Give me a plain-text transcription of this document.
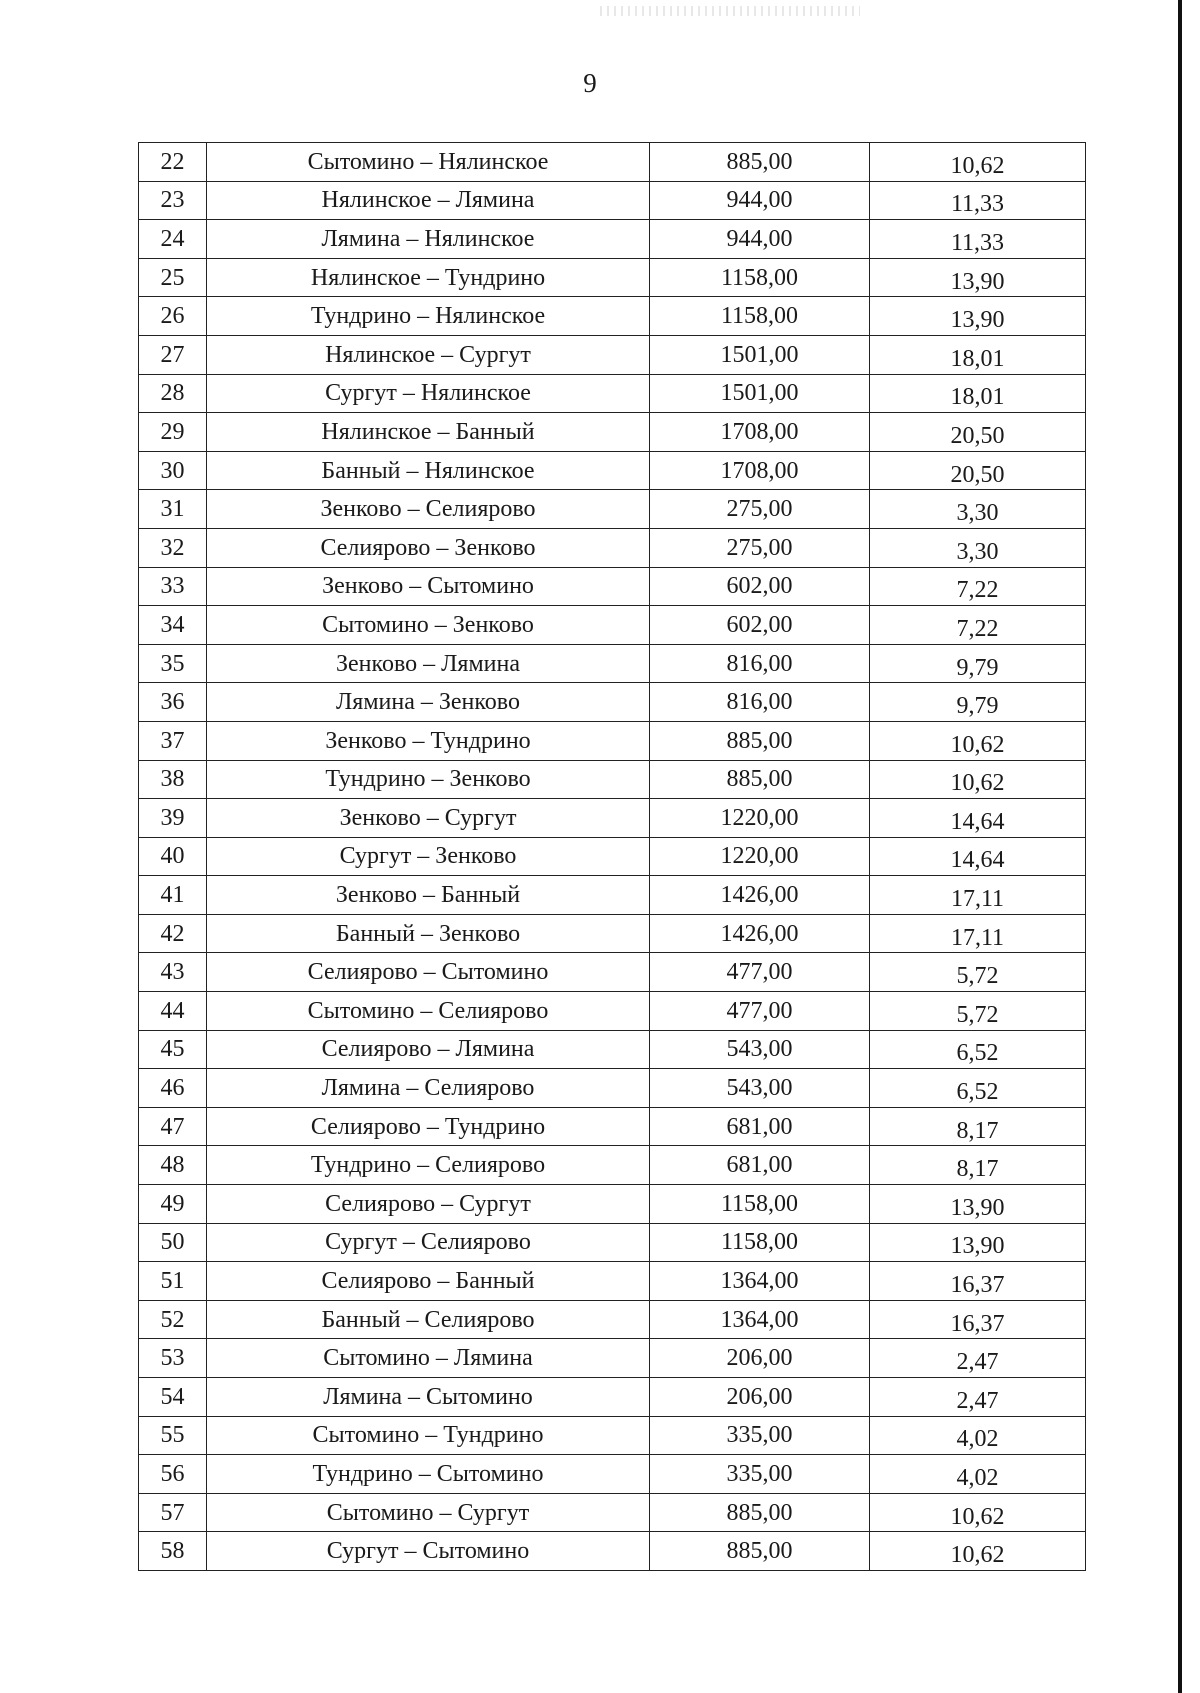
9
22	Сытомино – Нялинское	885,00	10,62
23	Нялинское – Лямина	944,00	11,33
24	Лямина – Нялинское	944,00	11,33
25	Нялинское – Тундрино	1158,00	13,90
26	Тундрино – Нялинское	1158,00	13,90
27	Нялинское – Сургут	1501,00	18,01
28	Сургут – Нялинское	1501,00	18,01
29	Нялинское – Банный	1708,00	20,50
30	Банный – Нялинское	1708,00	20,50
31	Зенково – Селиярово	275,00	3,30
32	Селиярово – Зенково	275,00	3,30
33	Зенково – Сытомино	602,00	7,22
34	Сытомино – Зенково	602,00	7,22
35	Зенково – Лямина	816,00	9,79
36	Лямина – Зенково	816,00	9,79
37	Зенково – Тундрино	885,00	10,62
38	Тундрино – Зенково	885,00	10,62
39	Зенково – Сургут	1220,00	14,64
40	Сургут – Зенково	1220,00	14,64
41	Зенково – Банный	1426,00	17,11
42	Банный – Зенково	1426,00	17,11
43	Селиярово – Сытомино	477,00	5,72
44	Сытомино – Селиярово	477,00	5,72
45	Селиярово – Лямина	543,00	6,52
46	Лямина – Селиярово	543,00	6,52
47	Селиярово – Тундрино	681,00	8,17
48	Тундрино – Селиярово	681,00	8,17
49	Селиярово – Сургут	1158,00	13,90
50	Сургут – Селиярово	1158,00	13,90
51	Селиярово – Банный	1364,00	16,37
52	Банный – Селиярово	1364,00	16,37
53	Сытомино – Лямина	206,00	2,47
54	Лямина – Сытомино	206,00	2,47
55	Сытомино – Тундрино	335,00	4,02
56	Тундрино – Сытомино	335,00	4,02
57	Сытомино – Сургут	885,00	10,62
58	Сургут – Сытомино	885,00	10,62
